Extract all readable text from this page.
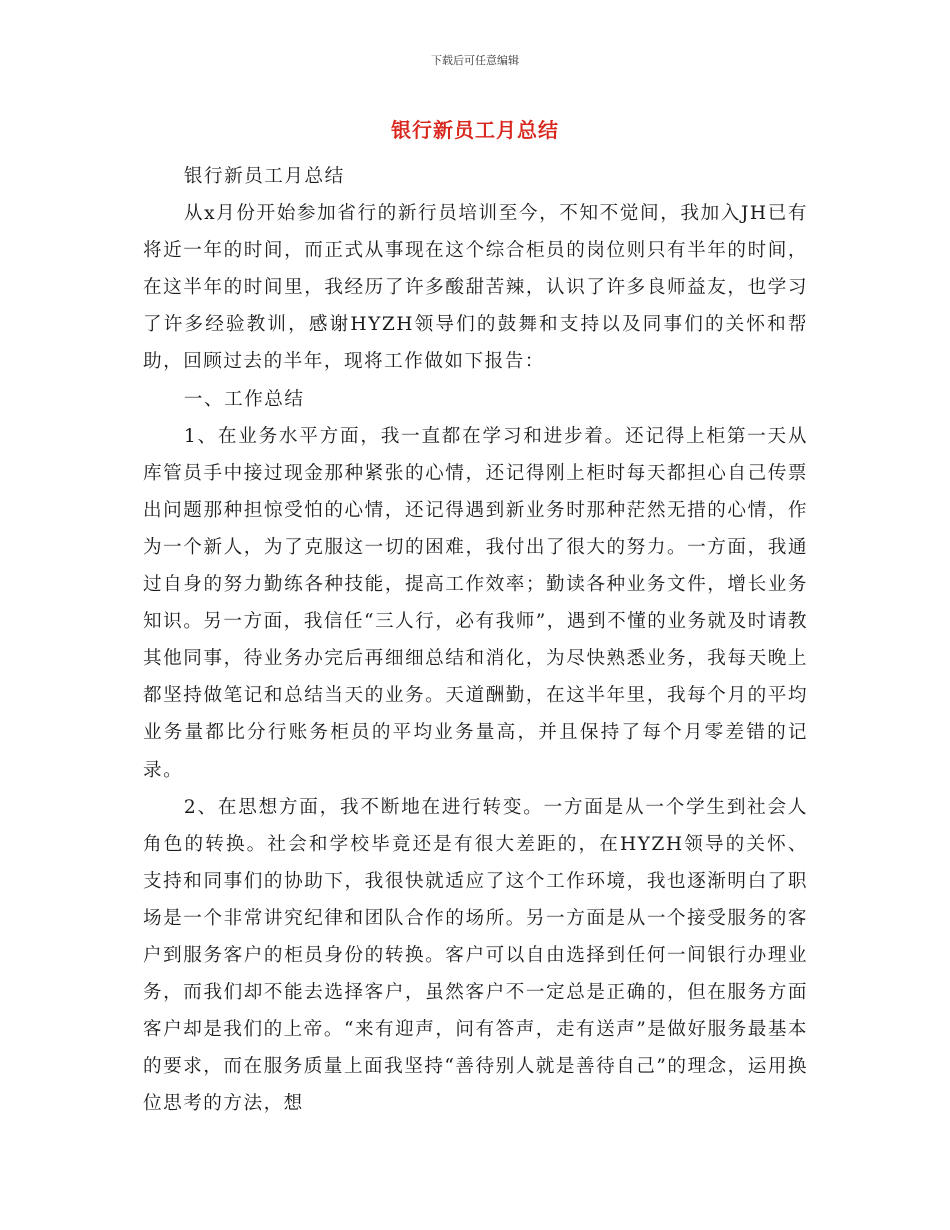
下载后可任意编辑
银行新员工月总结

银行新员工月总结

从x月份开始参加省行的新行员培训至今，不知不觉间，我加入JH已有将近一年的时间，而正式从事现在这个综合柜员的岗位则只有半年的时间，在这半年的时间里，我经历了许多酸甜苦辣，认识了许多良师益友，也学习了许多经验教训，感谢HYZH领导们的鼓舞和支持以及同事们的关怀和帮助，回顾过去的半年，现将工作做如下报告：

一、工作总结

1、在业务水平方面，我一直都在学习和进步着。还记得上柜第一天从库管员手中接过现金那种紧张的心情，还记得刚上柜时每天都担心自己传票出问题那种担惊受怕的心情，还记得遇到新业务时那种茫然无措的心情，作为一个新人，为了克服这一切的困难，我付出了很大的努力。一方面，我通过自身的努力勤练各种技能，提高工作效率；勤读各种业务文件，增长业务知识。另一方面，我信任“三人行，必有我师”，遇到不懂的业务就及时请教其他同事，待业务办完后再细细总结和消化，为尽快熟悉业务，我每天晚上都坚持做笔记和总结当天的业务。天道酬勤，在这半年里，我每个月的平均业务量都比分行账务柜员的平均业务量高，并且保持了每个月零差错的记录。

2、在思想方面，我不断地在进行转变。一方面是从一个学生到社会人角色的转换。社会和学校毕竟还是有很大差距的，在HYZH领导的关怀、支持和同事们的协助下，我很快就适应了这个工作环境，我也逐渐明白了职场是一个非常讲究纪律和团队合作的场所。另一方面是从一个接受服务的客户到服务客户的柜员身份的转换。客户可以自由选择到任何一间银行办理业务，而我们却不能去选择客户，虽然客户不一定总是正确的，但在服务方面客户却是我们的上帝。“来有迎声，问有答声，走有送声”是做好服务最基本的要求，而在服务质量上面我坚持“善待别人就是善待自己”的理念，运用换位思考的方法，想
